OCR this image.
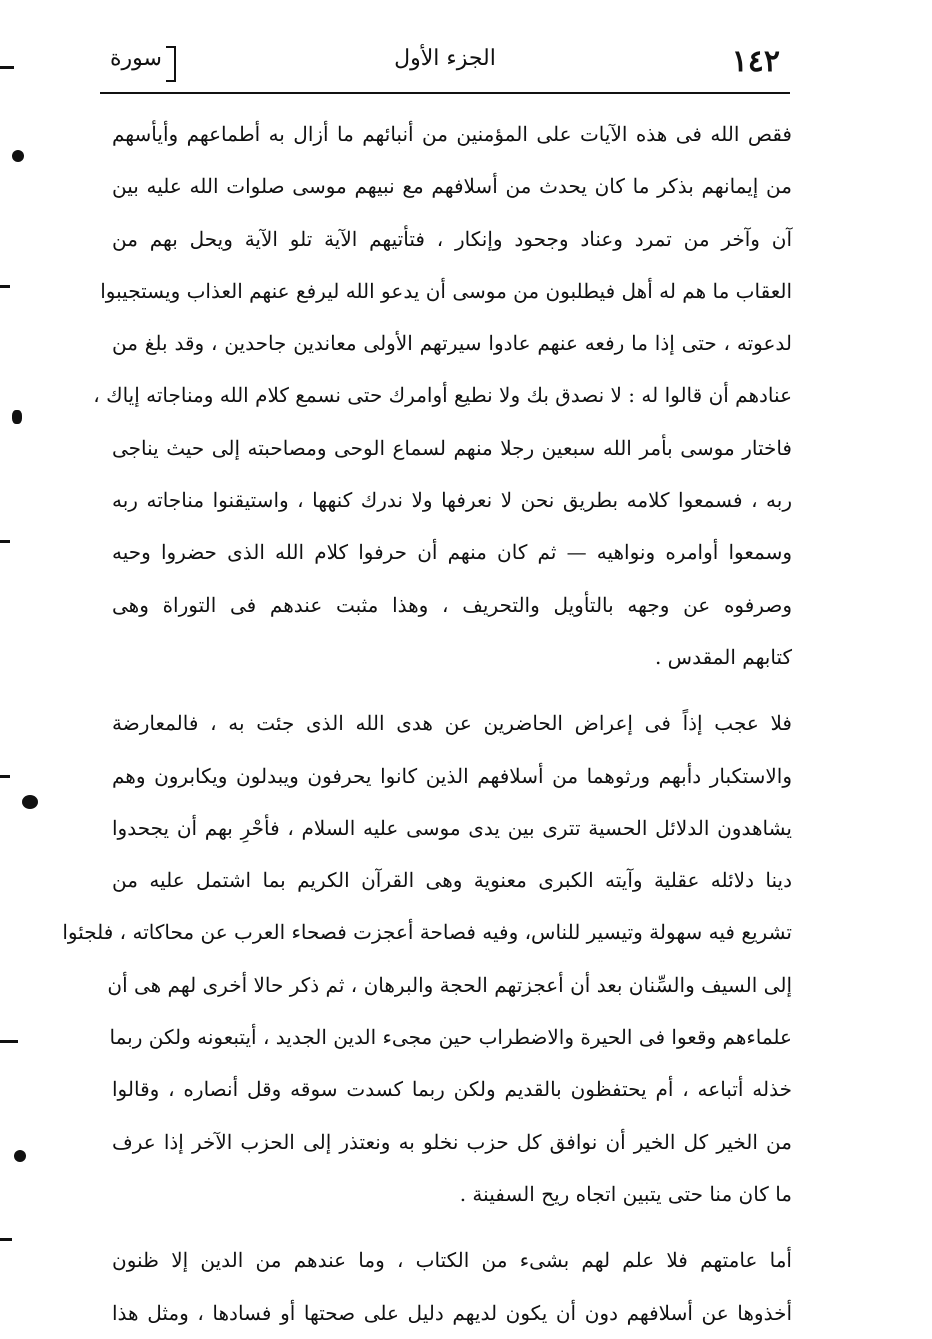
١٤٢
الجزء الأول
سورة
فقص الله فى هذه الآيات على المؤمنين من أنبائهم ما أزال به أطماعهم وأيأسهم
من إيمانهم بذكر ما كان يحدث من أسلافهم مع نبيهم موسى صلوات الله عليه بين
آن وآخر من تمرد وعناد وجحود وإنكار ، فتأتيهم الآية تلو الآية ويحل بهم من
العقاب ما هم له أهل فيطلبون من موسى أن يدعو الله ليرفع عنهم العذاب ويستجيبوا
لدعوته ، حتى إذا ما رفعه عنهم عادوا سيرتهم الأولى معاندين جاحدين ، وقد بلغ من
عنادهم أن قالوا له : لا نصدق بك ولا نطيع أوامرك حتى نسمع كلام الله ومناجاته إياك ،
فاختار موسى بأمر الله سبعين رجلا منهم لسماع الوحى ومصاحبته إلى حيث يناجى
ربه ، فسمعوا كلامه بطريق نحن لا نعرفها ولا ندرك كنهها ، واستيقنوا مناجاته ربه
وسمعوا أوامره ونواهيه — ثم كان منهم أن حرفوا كلام الله الذى حضروا وحيه
وصرفوه عن وجهه بالتأويل والتحريف ، وهذا مثبت عندهم فى التوراة وهى
كتابهم المقدس .
فلا عجب إذاً فى إعراض الحاضرين عن هدى الله الذى جئت به ، فالمعارضة
والاستكبار دأبهم ورثوهما من أسلافهم الذين كانوا يحرفون ويبدلون ويكابرون وهم
يشاهدون الدلائل الحسية تترى بين يدى موسى عليه السلام ، فأحْرِ بهم أن يجحدوا
دينا دلائله عقلية وآيته الكبرى معنوية وهى القرآن الكريم بما اشتمل عليه من
تشريع فيه سهولة وتيسير للناس، وفيه فصاحة أعجزت فصحاء العرب عن محاكاته ، فلجئوا
إلى السيف والسِّنان بعد أن أعجزتهم الحجة والبرهان ، ثم ذكر حالا أخرى لهم هى أن
علماءهم وقعوا فى الحيرة والاضطراب حين مجىء الدين الجديد ، أيتبعونه ولكن ربما
خذله أتباعه ، أم يحتفظون بالقديم ولكن ربما كسدت سوقه وقل أنصاره ، وقالوا
من الخير كل الخير أن نوافق كل حزب نخلو به ونعتذر إلى الحزب الآخر إذا عرف
ما كان منا حتى يتبين اتجاه ريح السفينة .
أما عامتهم فلا علم لهم بشىء من الكتاب ، وما عندهم من الدين إلا ظنون
أخذوها عن أسلافهم دون أن يكون لديهم دليل على صحتها أو فسادها ، ومثل هذا
